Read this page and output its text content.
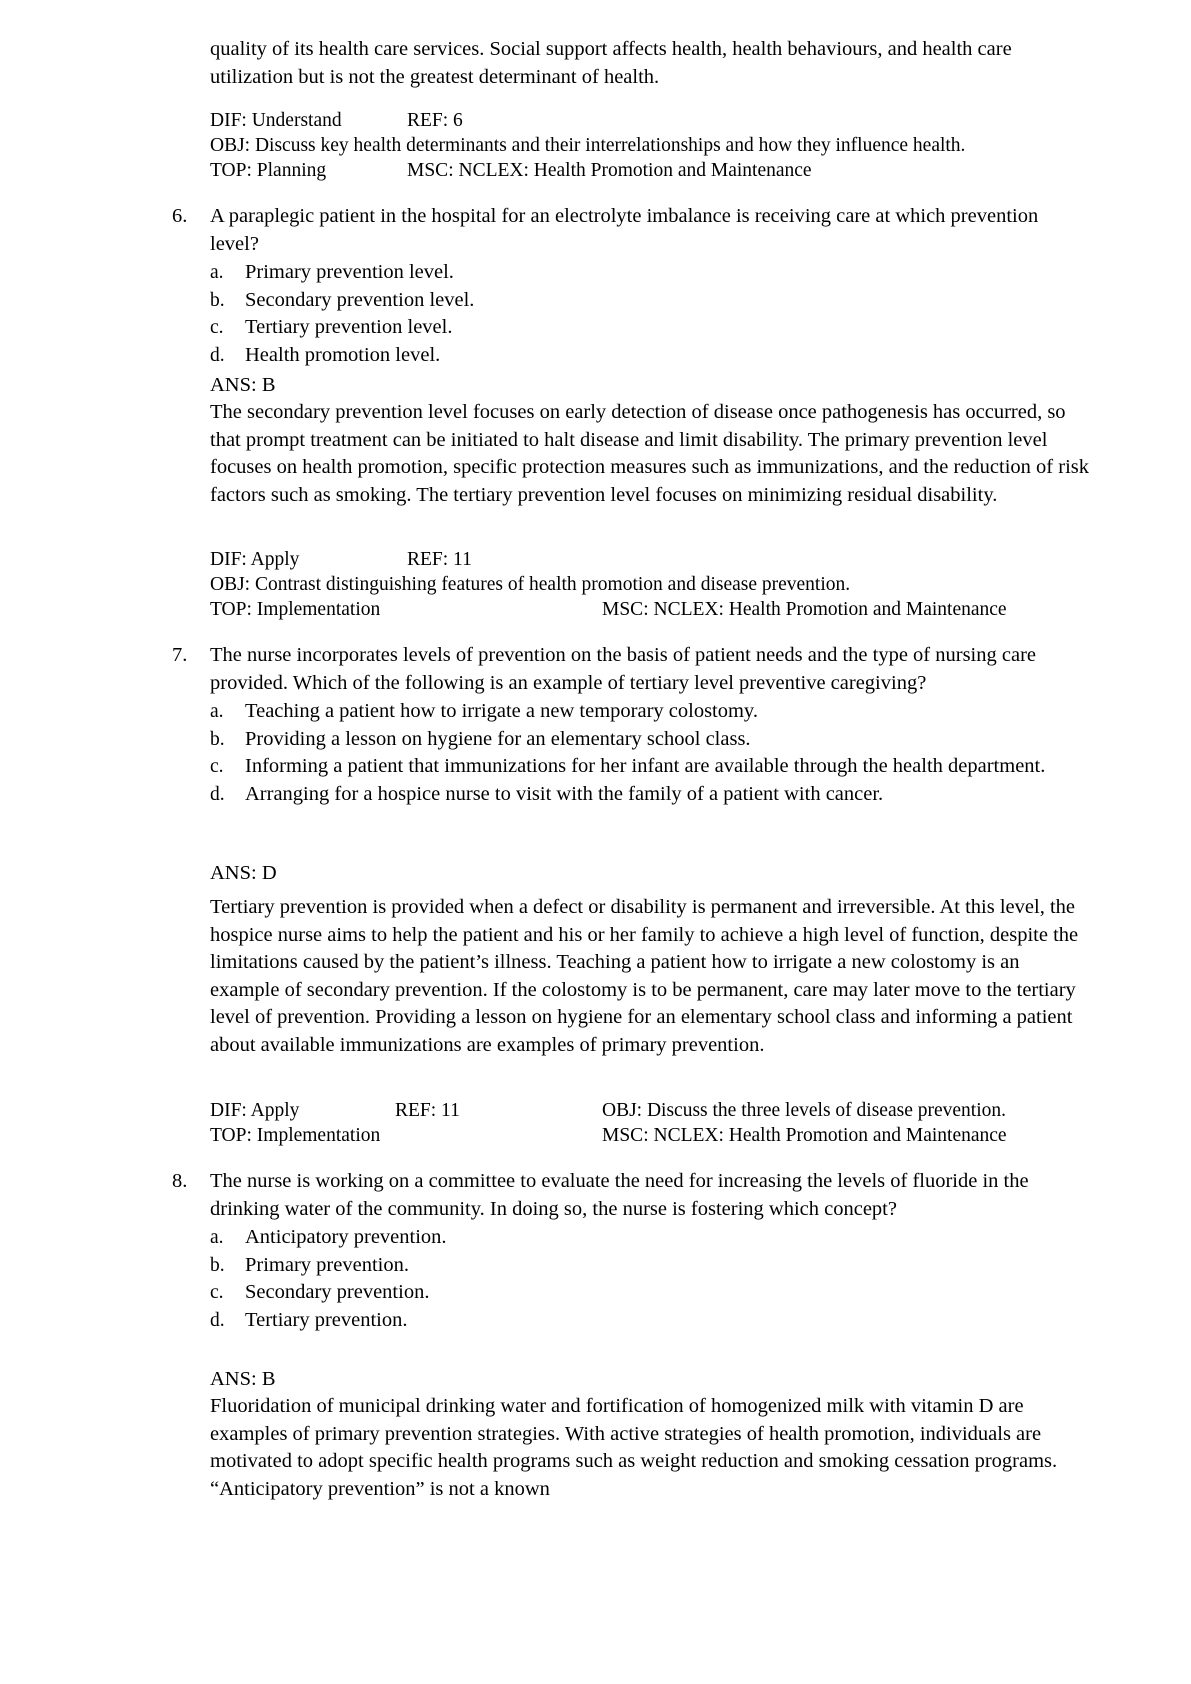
quality of its health care services. Social support affects health, health behaviours, and health care utilization but is not the greatest determinant of health.
DIF: Understand	REF: 6
OBJ: Discuss key health determinants and their interrelationships and how they influence health.
TOP: Planning	MSC: NCLEX: Health Promotion and Maintenance
6. A paraplegic patient in the hospital for an electrolyte imbalance is receiving care at which prevention level?
a. Primary prevention level.
b. Secondary prevention level.
c. Tertiary prevention level.
d. Health promotion level.
ANS: B
The secondary prevention level focuses on early detection of disease once pathogenesis has occurred, so that prompt treatment can be initiated to halt disease and limit disability. The primary prevention level focuses on health promotion, specific protection measures such as immunizations, and the reduction of risk factors such as smoking. The tertiary prevention level focuses on minimizing residual disability.
DIF: Apply	REF: 11
OBJ: Contrast distinguishing features of health promotion and disease prevention.
TOP: Implementation	MSC: NCLEX: Health Promotion and Maintenance
7. The nurse incorporates levels of prevention on the basis of patient needs and the type of nursing care provided. Which of the following is an example of tertiary level preventive caregiving?
a. Teaching a patient how to irrigate a new temporary colostomy.
b. Providing a lesson on hygiene for an elementary school class.
c. Informing a patient that immunizations for her infant are available through the health department.
d. Arranging for a hospice nurse to visit with the family of a patient with cancer.
ANS: D
Tertiary prevention is provided when a defect or disability is permanent and irreversible. At this level, the hospice nurse aims to help the patient and his or her family to achieve a high level of function, despite the limitations caused by the patient’s illness. Teaching a patient how to irrigate a new colostomy is an example of secondary prevention. If the colostomy is to be permanent, care may later move to the tertiary level of prevention. Providing a lesson on hygiene for an elementary school class and informing a patient about available immunizations are examples of primary prevention.
DIF: Apply	REF: 11	OBJ: Discuss the three levels of disease prevention.
TOP: Implementation	MSC: NCLEX: Health Promotion and Maintenance
8. The nurse is working on a committee to evaluate the need for increasing the levels of fluoride in the drinking water of the community. In doing so, the nurse is fostering which concept?
a. Anticipatory prevention.
b. Primary prevention.
c. Secondary prevention.
d. Tertiary prevention.
ANS: B
Fluoridation of municipal drinking water and fortification of homogenized milk with vitamin D are examples of primary prevention strategies. With active strategies of health promotion, individuals are motivated to adopt specific health programs such as weight reduction and smoking cessation programs. “Anticipatory prevention” is not a known
